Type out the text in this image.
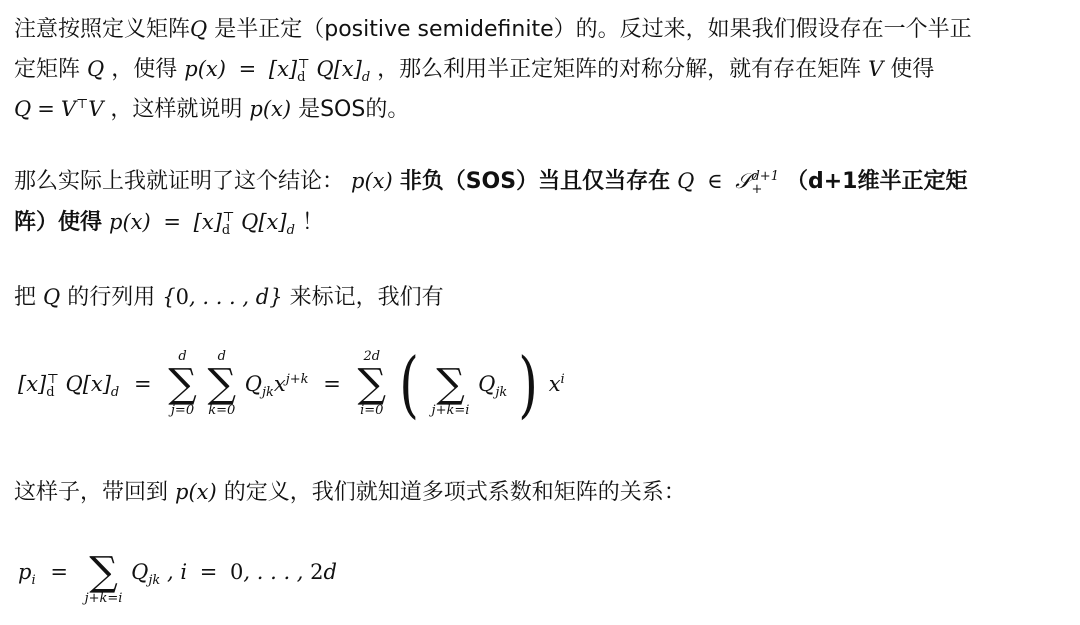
注意按照定义矩阵Q 是半正定（positive semidefinite）的。反过来，如果我们假设存在一个半正
定矩阵 Q ，使得 $p(x) = [x]_d^⊤$ $Q[x]_d$ ，那么利用半正定矩阵的对称分解，就有存在矩阵 V 使得
Q = V⊤V ，这样就说明 p(x) 是SOS的。
那么实际上我就证明了这个结论： p(x) 非负（SOS）当且仅当存在 Q ∈ 𝒮 d+1
+	（d+1维半正定矩
阵）使得 $p(x) = [x]_d^⊤$ $Q[x]_d$ ！
把 Q 的行列用 {0, . . . , d} 来标记，我们有
$[x]_d^⊤$ $Q[x]_d$ =
d
∑
j=0

d
∑
k=0
$Q_{jk}x^{j+k}$ =
2d
∑
i=0 (
∑
j+k=i
$Q_{jk}$ ) $x^i$
这样子，带回到 p(x) 的定义，我们就知道多项式系数和矩阵的关系：
$p_i$ =
∑
j+k=i
$Q_{jk}$ , i = 0, . . . , 2d
